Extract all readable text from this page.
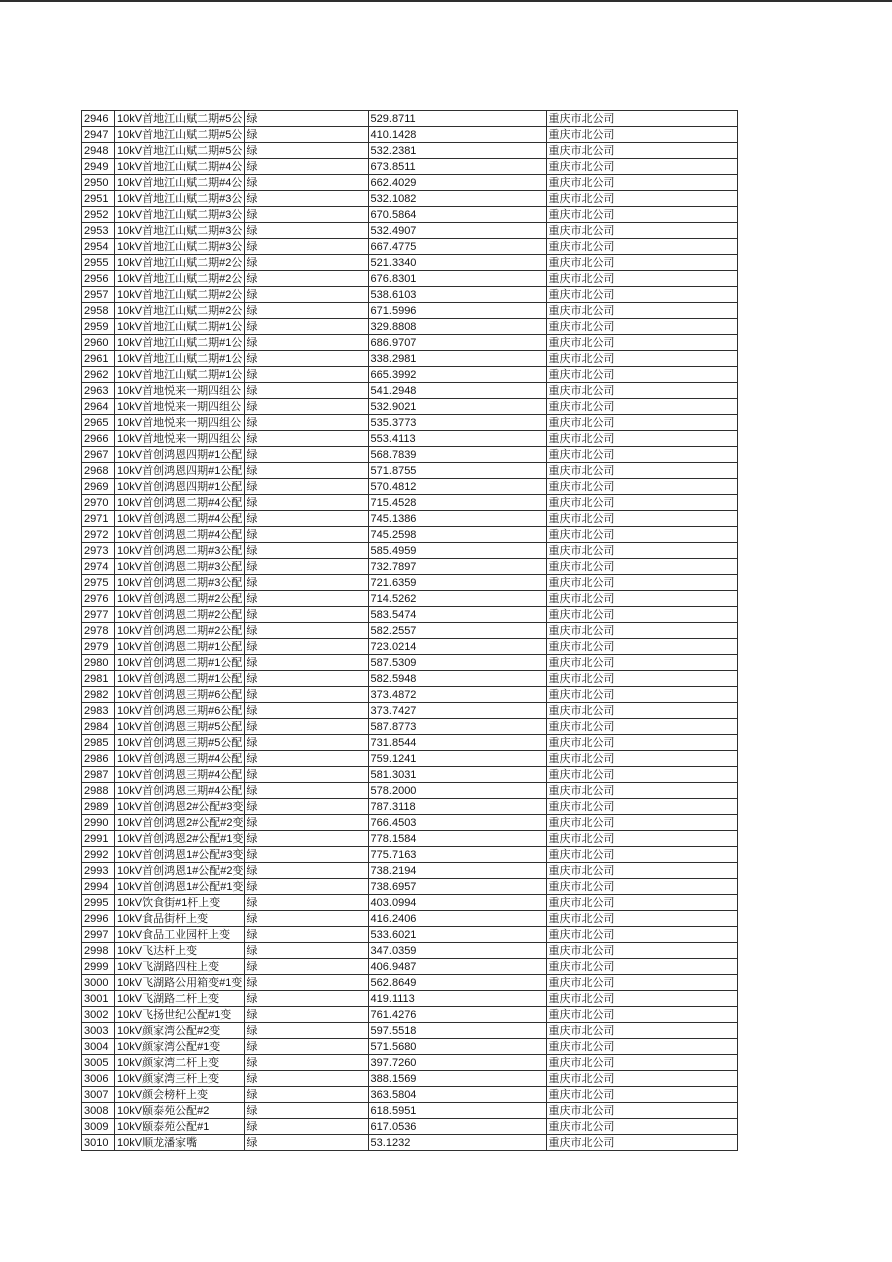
2946	10kV首地江山赋二期#5公	绿	529.8711	重庆市北公司
2947	10kV首地江山赋二期#5公	绿	410.1428	重庆市北公司
2948	10kV首地江山赋二期#5公	绿	532.2381	重庆市北公司
2949	10kV首地江山赋二期#4公	绿	673.8511	重庆市北公司
2950	10kV首地江山赋二期#4公	绿	662.4029	重庆市北公司
2951	10kV首地江山赋二期#3公	绿	532.1082	重庆市北公司
2952	10kV首地江山赋二期#3公	绿	670.5864	重庆市北公司
2953	10kV首地江山赋二期#3公	绿	532.4907	重庆市北公司
2954	10kV首地江山赋二期#3公	绿	667.4775	重庆市北公司
2955	10kV首地江山赋二期#2公	绿	521.3340	重庆市北公司
2956	10kV首地江山赋二期#2公	绿	676.8301	重庆市北公司
2957	10kV首地江山赋二期#2公	绿	538.6103	重庆市北公司
2958	10kV首地江山赋二期#2公	绿	671.5996	重庆市北公司
2959	10kV首地江山赋二期#1公	绿	329.8808	重庆市北公司
2960	10kV首地江山赋二期#1公	绿	686.9707	重庆市北公司
2961	10kV首地江山赋二期#1公	绿	338.2981	重庆市北公司
2962	10kV首地江山赋二期#1公	绿	665.3992	重庆市北公司
2963	10kV首地悦来一期四组公	绿	541.2948	重庆市北公司
2964	10kV首地悦来一期四组公	绿	532.9021	重庆市北公司
2965	10kV首地悦来一期四组公	绿	535.3773	重庆市北公司
2966	10kV首地悦来一期四组公	绿	553.4113	重庆市北公司
2967	10kV首创鸿恩四期#1公配	绿	568.7839	重庆市北公司
2968	10kV首创鸿恩四期#1公配	绿	571.8755	重庆市北公司
2969	10kV首创鸿恩四期#1公配	绿	570.4812	重庆市北公司
2970	10kV首创鸿恩二期#4公配	绿	715.4528	重庆市北公司
2971	10kV首创鸿恩二期#4公配	绿	745.1386	重庆市北公司
2972	10kV首创鸿恩二期#4公配	绿	745.2598	重庆市北公司
2973	10kV首创鸿恩二期#3公配	绿	585.4959	重庆市北公司
2974	10kV首创鸿恩二期#3公配	绿	732.7897	重庆市北公司
2975	10kV首创鸿恩二期#3公配	绿	721.6359	重庆市北公司
2976	10kV首创鸿恩二期#2公配	绿	714.5262	重庆市北公司
2977	10kV首创鸿恩二期#2公配	绿	583.5474	重庆市北公司
2978	10kV首创鸿恩二期#2公配	绿	582.2557	重庆市北公司
2979	10kV首创鸿恩二期#1公配	绿	723.0214	重庆市北公司
2980	10kV首创鸿恩二期#1公配	绿	587.5309	重庆市北公司
2981	10kV首创鸿恩二期#1公配	绿	582.5948	重庆市北公司
2982	10kV首创鸿恩三期#6公配	绿	373.4872	重庆市北公司
2983	10kV首创鸿恩三期#6公配	绿	373.7427	重庆市北公司
2984	10kV首创鸿恩三期#5公配	绿	587.8773	重庆市北公司
2985	10kV首创鸿恩三期#5公配	绿	731.8544	重庆市北公司
2986	10kV首创鸿恩三期#4公配	绿	759.1241	重庆市北公司
2987	10kV首创鸿恩三期#4公配	绿	581.3031	重庆市北公司
2988	10kV首创鸿恩三期#4公配	绿	578.2000	重庆市北公司
2989	10kV首创鸿恩2#公配#3变	绿	787.3118	重庆市北公司
2990	10kV首创鸿恩2#公配#2变	绿	766.4503	重庆市北公司
2991	10kV首创鸿恩2#公配#1变	绿	778.1584	重庆市北公司
2992	10kV首创鸿恩1#公配#3变	绿	775.7163	重庆市北公司
2993	10kV首创鸿恩1#公配#2变	绿	738.2194	重庆市北公司
2994	10kV首创鸿恩1#公配#1变	绿	738.6957	重庆市北公司
2995	10kV饮食街#1杆上变	绿	403.0994	重庆市北公司
2996	10kV食品街杆上变	绿	416.2406	重庆市北公司
2997	10kV食品工业园杆上变	绿	533.6021	重庆市北公司
2998	10kV飞达杆上变	绿	347.0359	重庆市北公司
2999	10kV飞湖路四柱上变	绿	406.9487	重庆市北公司
3000	10kV飞湖路公用箱变#1变	绿	562.8649	重庆市北公司
3001	10kV飞湖路二杆上变	绿	419.1113	重庆市北公司
3002	10kV飞扬世纪公配#1变	绿	761.4276	重庆市北公司
3003	10kV颜家湾公配#2变	绿	597.5518	重庆市北公司
3004	10kV颜家湾公配#1变	绿	571.5680	重庆市北公司
3005	10kV颜家湾二杆上变	绿	397.7260	重庆市北公司
3006	10kV颜家湾三杆上变	绿	388.1569	重庆市北公司
3007	10kV颜会榜杆上变	绿	363.5804	重庆市北公司
3008	10kV颐泰苑公配#2	绿	618.5951	重庆市北公司
3009	10kV颐泰苑公配#1	绿	617.0536	重庆市北公司
3010	10kV顺龙潘家嘴	绿	53.1232	重庆市北公司
